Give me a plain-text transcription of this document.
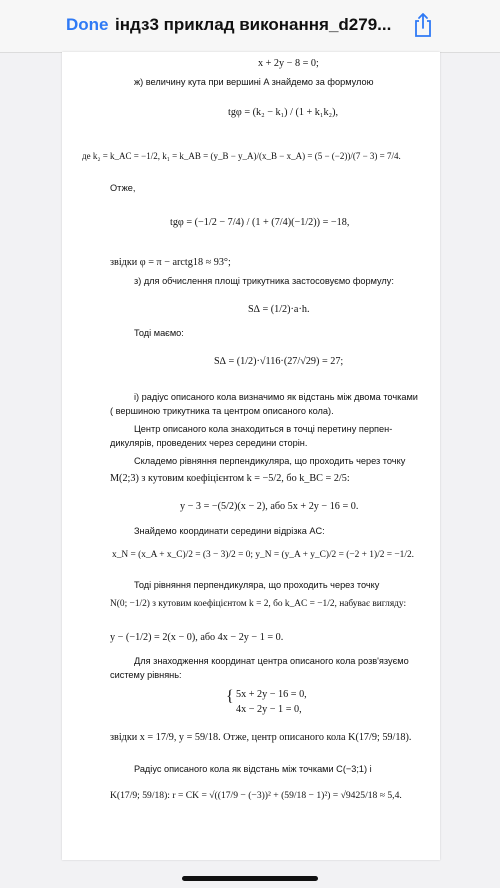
Done індз3 приклад виконання_d279...
x + 2y − 8 = 0;
ж) величину кута при вершині A знайдемо за формулою
tgφ = (k₂ − k₁) / (1 + k₁k₂),
де k₂ = k_AC = −1/2, k₁ = k_AB = (y_B − y_A)/(x_B − x_A) = (5 − (−2))/(7 − 3) = 7/4.
Отже,
tgφ = (−1/2 − 7/4) / (1 + (7/4)(−1/2)) = −18,
звідки φ = π − arctg18 ≈ 93°;
з) для обчислення площі трикутника застосовуємо формулу:
S∆ = (1/2)·a·h.
Тоді маємо:
S∆ = (1/2)·√116·(27/√29) = 27;
і) радіус описаного кола визначимо як відстань між двома точками
( вершиною трикутника та центром описаного кола).
Центр описаного кола знаходиться в точці перетину перпен-
дикулярів, проведених через середини сторін.
Складемо рівняння перпендикуляра, що проходить через точку
M(2;3) з кутовим коефіцієнтом k = −5/2, бо k_BC = 2/5:
y − 3 = −(5/2)(x − 2), або 5x + 2y − 16 = 0.
Знайдемо координати середини відрізка AC:
x_N = (x_A + x_C)/2 = (3 − 3)/2 = 0; y_N = (y_A + y_C)/2 = (−2 + 1)/2 = −1/2.
Тоді рівняння перпендикуляра, що проходить через точку
N(0; −1/2) з кутовим коефіцієнтом k = 2, бо k_AC = −1/2, набуває вигляду:
y − (−1/2) = 2(x − 0), або 4x − 2y − 1 = 0.
Для знаходження координат центра описаного кола розв'язуємо
систему рівнянь:
{ 5x + 2y − 16 = 0,
4x − 2y − 1 = 0,
звідки x = 17/9, y = 59/18. Отже, центр описаного кола K(17/9; 59/18).
Радіус описаного кола як відстань між точками C(−3;1) і
K(17/9; 59/18): r = CK = √((17/9 − (−3))² + (59/18 − 1)²) = √9425/18 ≈ 5,4.
